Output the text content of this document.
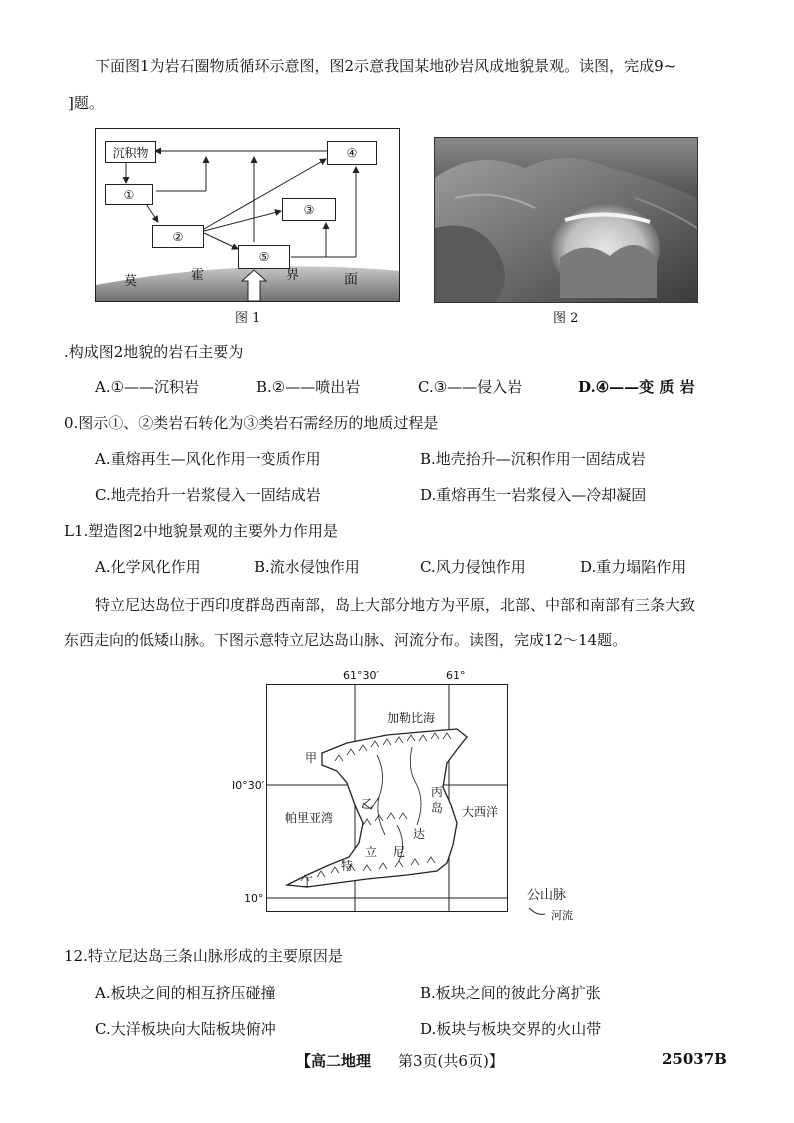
下面图1为岩石圈物质循环示意图，图2示意我国某地砂岩风成地貌景观。读图，完成9~
]题。
沉积物
①
②
③
④
⑤
莫	霍	界	面
图 1	图 2
.构成图2地貌的岩石主要为
A.①——沉积岩	B.②——喷出岩	C.③——侵入岩	D.④——变 质 岩
0.图示①、②类岩石转化为③类岩石需经历的地质过程是
A.重熔再生—风化作用一变质作用	B.地壳抬升—沉积作用一固结成岩
C.地壳抬升一岩浆侵入一固结成岩	D.重熔再生一岩浆侵入—冷却凝固
L1.塑造图2中地貌景观的主要外力作用是
A.化学风化作用	B.流水侵蚀作用	C.风力侵蚀作用	D.重力塌陷作用
特立尼达岛位于西印度群岛西南部，岛上大部分地方为平原，北部、中部和南部有三条大致
东西走向的低矮山脉。下图示意特立尼达岛山脉、河流分布。读图，完成12～14题。
61°30′	61°
I0°30′
10°
加勒比海
甲
乙
丙
岛
达
帕里亚湾	大西洋
特
立 尼
丁
公山脉
河流
12.特立尼达岛三条山脉形成的主要原因是
A.板块之间的相互挤压碰撞	B.板块之间的彼此分离扩张
C.大洋板块向大陆板块俯冲	D.板块与板块交界的火山带
【高二地理 第3页(共6页)】	25037B
